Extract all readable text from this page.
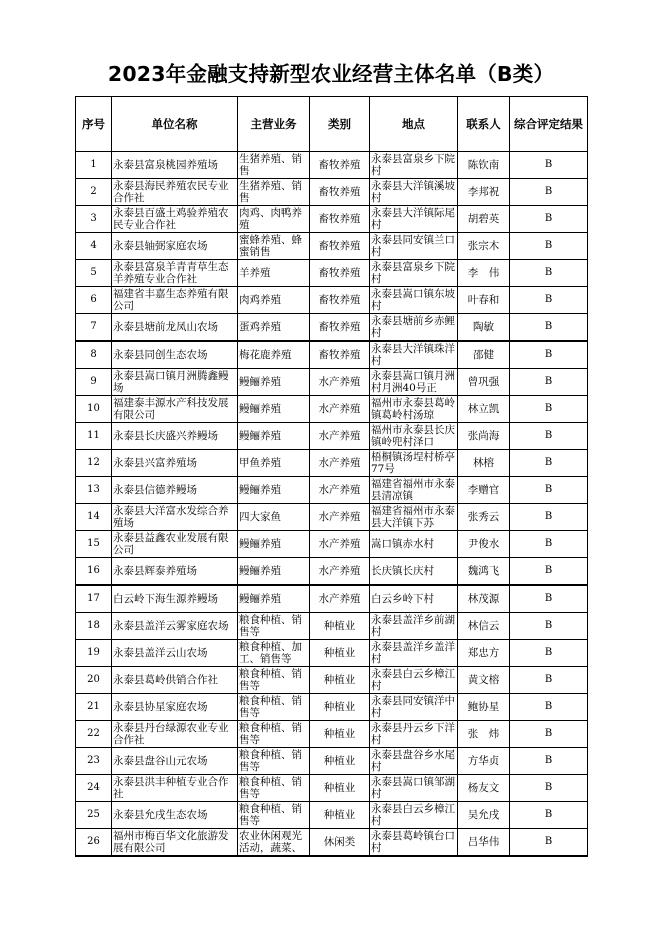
2023年金融支持新型农业经营主体名单（B类）
序号	单位名称	主营业务	类别	地点	联系人	综合评定结果
1	永泰县富泉桃园养殖场	生猪养殖、销售	畜牧养殖	永泰县富泉乡下院村	陈钦南	B
2	永泰县海民养殖农民专业合作社	生猪养殖、销售	畜牧养殖	永泰县大洋镇溪坡村	李邦祝	B
3	永泰县百盛土鸡验养殖农民专业合作社	肉鸡、肉鸭养殖	畜牧养殖	永泰县大洋镇际尾村	胡碧英	B
4	永泰县轴弼家庭农场	蜜蜂养殖、蜂蜜销售	畜牧养殖	永泰县同安镇兰口村	张宗木	B
5	永泰县富泉羊青青草生态羊养殖专业合作社	羊养殖	畜牧养殖	永泰县富泉乡下院村	李　伟	B
6	福建省丰嘉生态养殖有限公司	肉鸡养殖	畜牧养殖	永泰县嵩口镇东坡村	叶春和	B
7	永泰县塘前龙凤山农场	蛋鸡养殖	畜牧养殖	永泰县塘前乡赤鲤村	陶敏	B
8	永泰县同创生态农场	梅花鹿养殖	畜牧养殖	永泰县大洋镇珠洋村	邵健	B
9	永泰县嵩口镇月洲腾鑫鳗场	鳗鲡养殖	水产养殖	永泰县嵩口镇月洲村月洲40号正	曾巩强	B
10	福建泰丰源水产科技发展有限公司	鳗鲡养殖	水产养殖	福州市永泰县葛岭镇葛岭村汤琼	林立凯	B
11	永泰县长庆盛兴养鳗场	鳗鲡养殖	水产养殖	福州市永泰县长庆镇岭兜村泽口	张尚海	B
12	永泰县兴富养殖场	甲鱼养殖	水产养殖	梧桐镇汤埕村桥亭77号	林榕	B
13	永泰县信德养鳗场	鳗鲡养殖	水产养殖	福建省福州市永泰县清凉镇	李赠官	B
14	永泰县大洋富水发综合养殖场	四大家鱼	水产养殖	福建省福州市永泰县大洋镇下苏	张秀云	B
15	永泰县益鑫农业发展有限公司	鳗鲡养殖	水产养殖	嵩口镇赤水村	尹俊水	B
16	永泰县辉泰养殖场	鳗鲡养殖	水产养殖	长庆镇长庆村	魏鸿飞	B
17	白云岭下海生源养鳗场	鳗鲡养殖	水产养殖	白云乡岭下村	林茂源	B
18	永泰县盖洋云雾家庭农场	粮食种植、销售等	种植业	永泰县盖洋乡前湖村	林信云	B
19	永泰县盖洋云山农场	粮食种植、加工、销售等	种植业	永泰县盖洋乡盖洋村	郑忠方	B
20	永泰县葛岭供销合作社	粮食种植、销售等	种植业	永泰县白云乡樟江村	黄文榕	B
21	永泰县协星家庭农场	粮食种植、销售等	种植业	永泰县同安镇洋中村	鲍协星	B
22	永泰县丹台绿源农业专业合作社	粮食种植、销售等	种植业	永泰县丹云乡下洋村	张　炜	B
23	永泰县盘谷山元农场	粮食种植、销售等	种植业	永泰县盘谷乡水尾村	方华贞	B
24	永泰县洪丰种植专业合作社	粮食种植、销售等	种植业	永泰县嵩口镇邹湖村	杨友文	B
25	永泰县允戌生态农场	粮食种植、销售等	种植业	永泰县白云乡樟江村	吴允戌	B
26	福州市梅百华文化旅游发展有限公司	农业休闲观光活动，蔬菜、	休闲类	永泰县葛岭镇台口村	吕华伟	B
